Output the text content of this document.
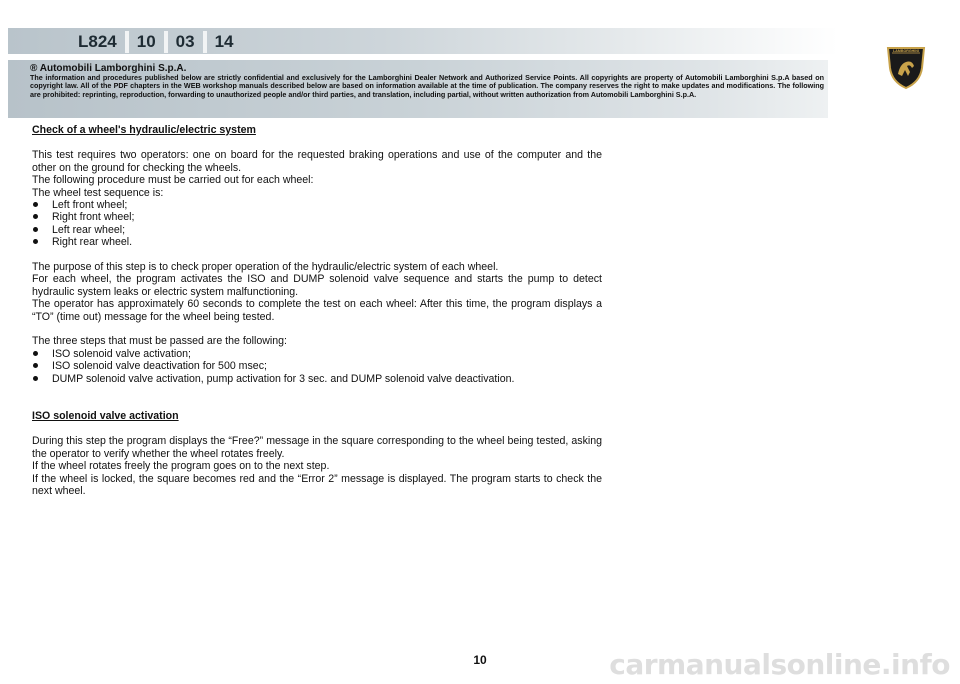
L824	10	03	14
® Automobili Lamborghini S.p.A.
The information and procedures published below are strictly confidential and exclusively for the Lamborghini Dealer Network and Authorized Service Points. All copyrights are property of Automobili Lamborghini S.p.A based on copyright law. All of the PDF chapters in the WEB workshop manuals described below are based on information available at the time of publication. The company reserves the right to make updates and modifications. The following are prohibited: reprinting, reproduction, forwarding to unauthorized people and/or third parties, and translation, including partial, without written authorization from Automobili Lamborghini S.p.A.
LAMBORGHINI

Check of a wheel's hydraulic/electric system

This test requires two operators: one on board for the requested braking operations and use of the computer and the other on the ground for checking the wheels.

The following procedure must be carried out for each wheel:

The wheel test sequence is:

Left front wheel;
Right front wheel;
Left rear wheel;
Right rear wheel.

The purpose of this step is to check proper operation of the hydraulic/electric system of each wheel.

For each wheel, the program activates the ISO and DUMP solenoid valve sequence and starts the pump to detect hydraulic system leaks or electric system malfunctioning.

The operator has approximately 60 seconds to complete the test on each wheel: After this time, the program displays a “TO” (time out) message for the wheel being tested.

The three steps that must be passed are the following:

ISO solenoid valve activation;
ISO solenoid valve deactivation for 500 msec;
DUMP solenoid valve activation, pump activation for 3 sec. and DUMP solenoid valve deactivation.

ISO solenoid valve activation

During this step the program displays the “Free?” message in the square corresponding to the wheel being tested, asking the operator to verify whether the wheel rotates freely.

If the wheel rotates freely the program goes on to the next step.

If the wheel is locked, the square becomes red and the “Error 2” message is displayed. The program starts to check the next wheel.

10	carmanualsonline.info
